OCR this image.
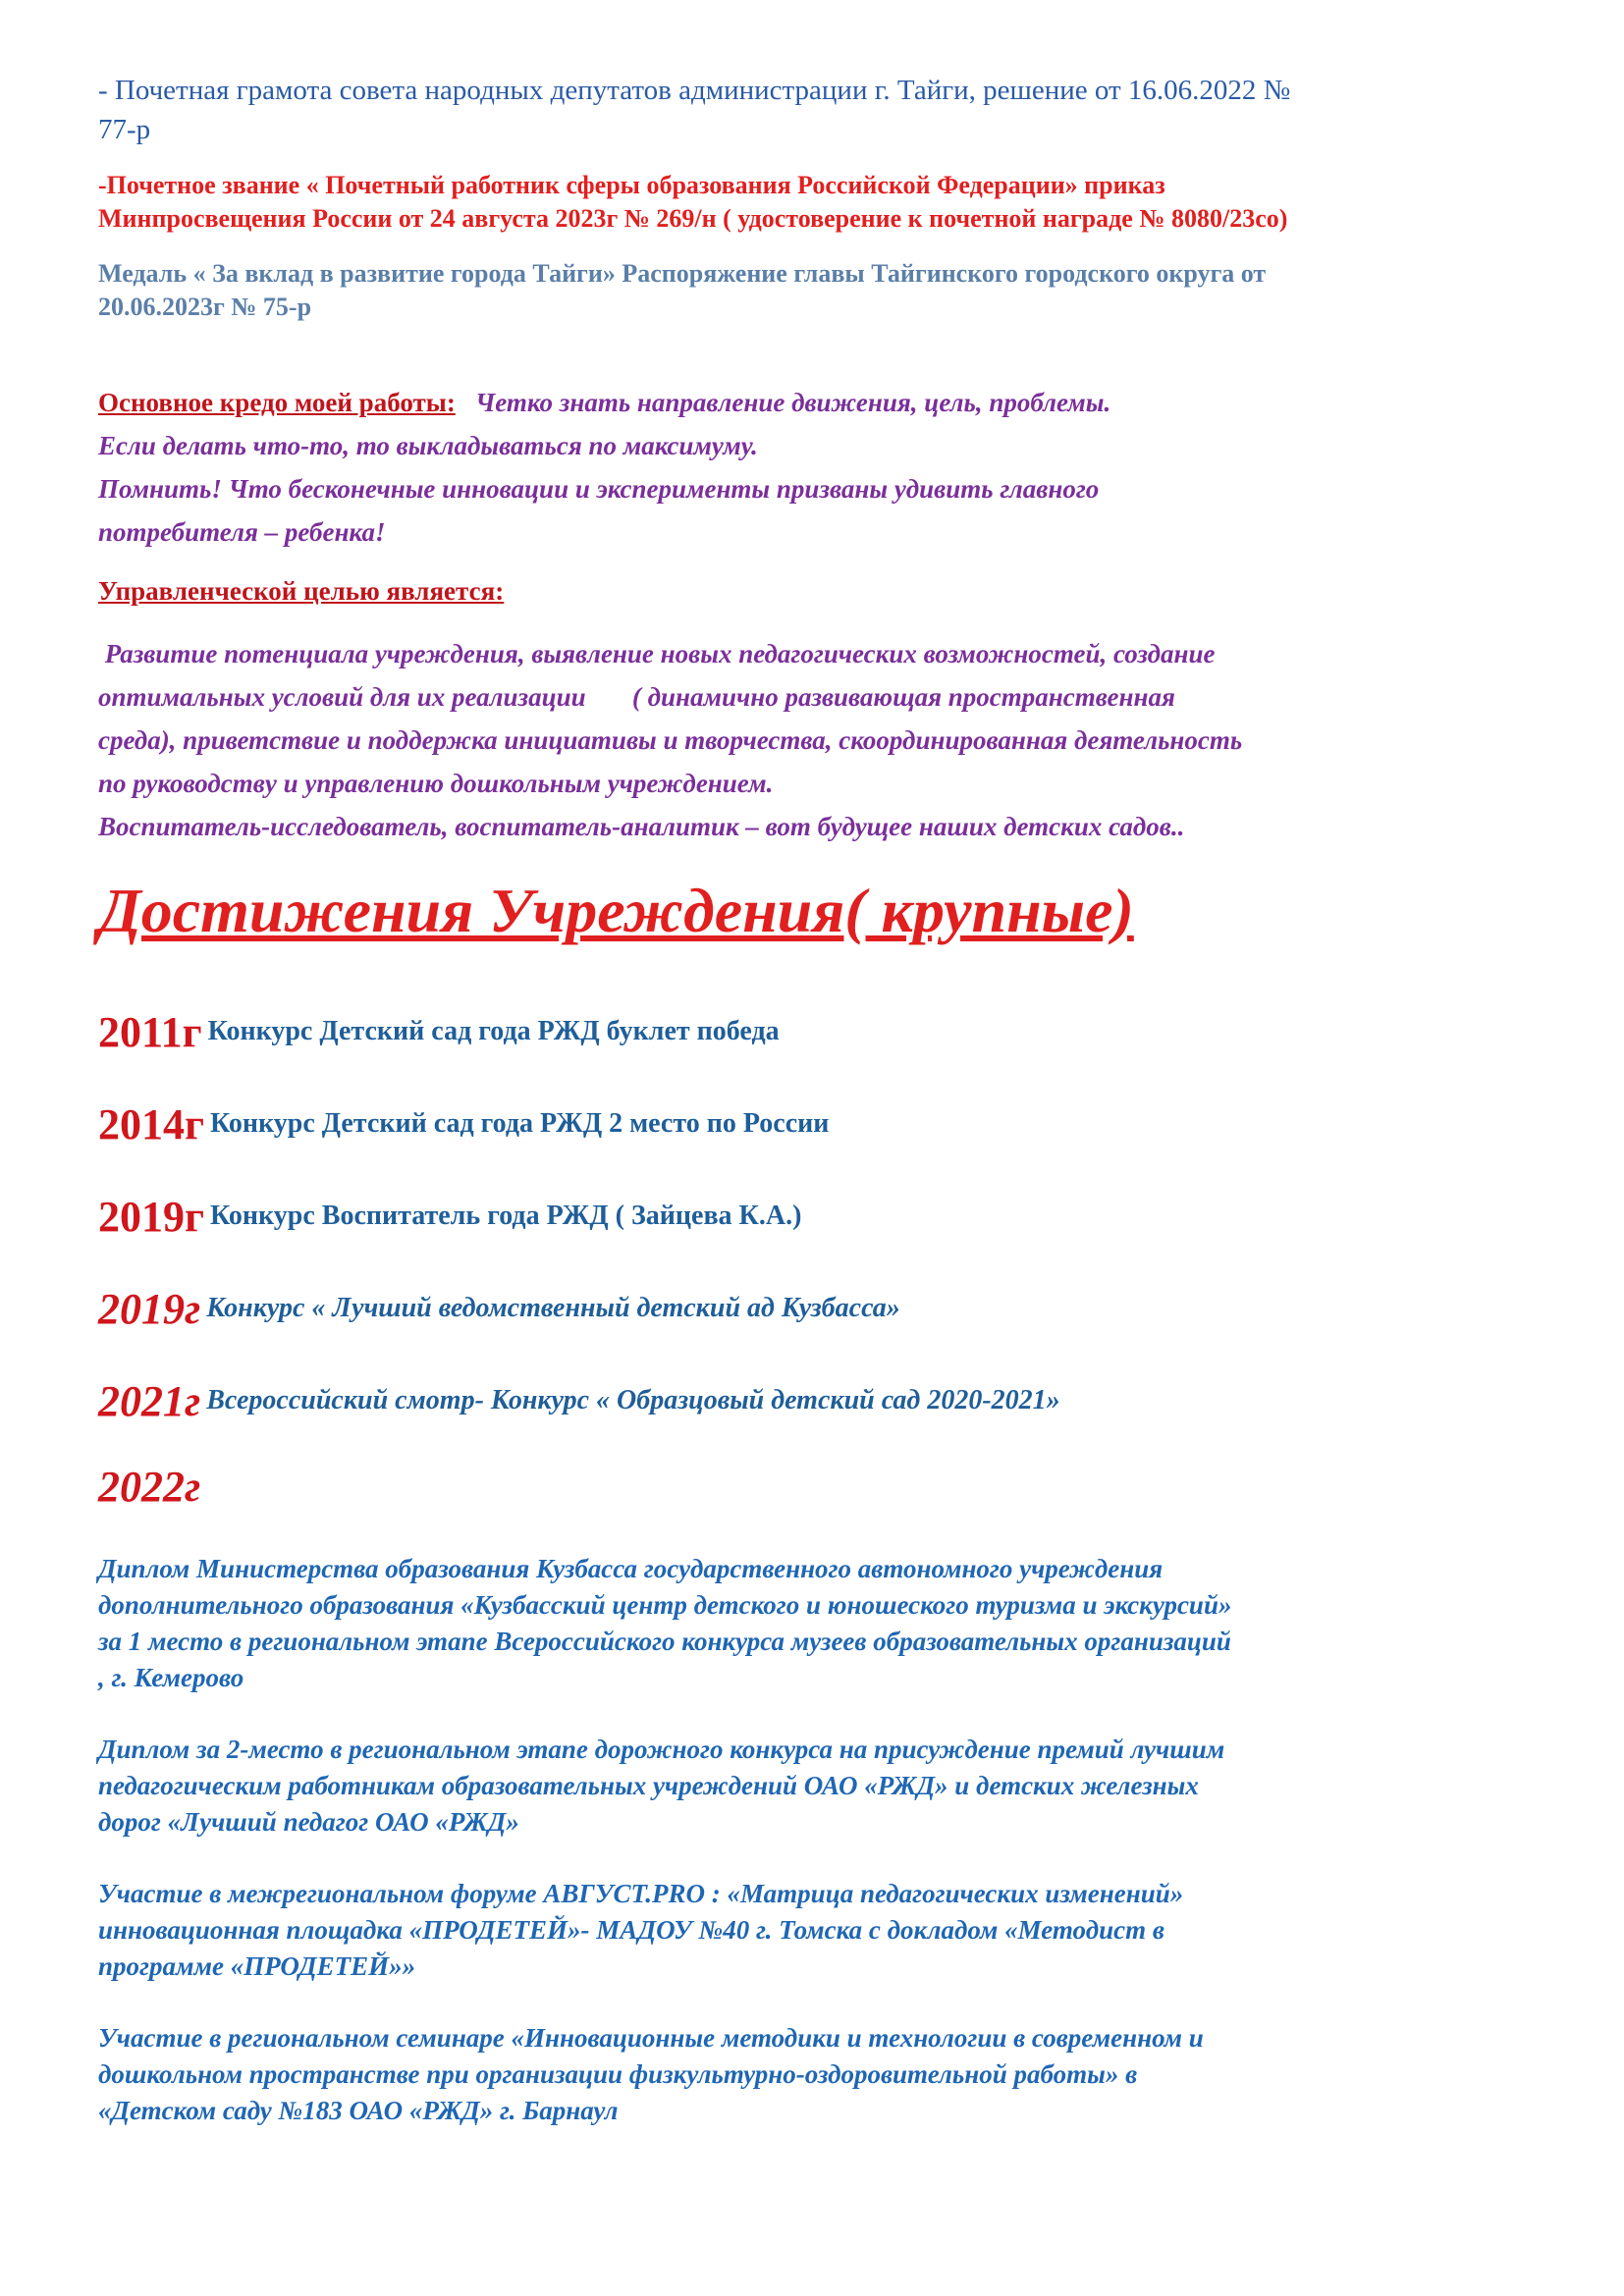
- Почетная грамота совета народных депутатов администрации г. Тайги, решение от 16.06.2022 №
77-р

-Почетное звание « Почетный работник сферы образования Российской Федерации» приказ
Минпросвещения России от 24 августа 2023г № 269/н ( удостоверение к почетной награде № 8080/23со)

Медаль « За вклад в развитие города Тайги» Распоряжение главы Тайгинского городского округа от
20.06.2023г № 75-р

Основное кредо моей работы: Четко знать направление движения, цель, проблемы.
Если делать что-то, то выкладываться по максимуму.
Помнить! Что бесконечные инновации и эксперименты призваны удивить главного
потребителя – ребенка!
Управленческой целью является:
Развитие потенциала учреждения, выявление новых педагогических возможностей, создание
оптимальных условий для их реализации       ( динамично развивающая пространственная
среда), приветствие и поддержка инициативы и творчества, скоординированная деятельность
по руководству и управлению дошкольным учреждением.
Воспитатель-исследователь, воспитатель-аналитик – вот будущее наших детских садов..
Достижения Учреждения( крупные)
2011г Конкурс Детский сад года РЖД буклет победа
2014г Конкурс Детский сад года РЖД 2 место по России
2019г Конкурс Воспитатель года РЖД ( Зайцева К.А.)
2019г Конкурс « Лучший ведомственный детский ад Кузбасса»
2021г Всероссийский смотр- Конкурс « Образцовый детский сад 2020-2021»
2022г
Диплом Министерства образования Кузбасса государственного автономного учреждения
дополнительного образования «Кузбасский центр детского и юношеского туризма и экскурсий»
за 1 место в региональном этапе Всероссийского конкурса музеев образовательных организаций
, г. Кемерово
Диплом за 2-место в региональном этапе дорожного конкурса на присуждение премий лучшим
педагогическим работникам образовательных учреждений ОАО «РЖД» и детских железных
дорог «Лучший педагог ОАО «РЖД»
Участие в межрегиональном форуме АВГУСТ.PRO : «Матрица педагогических изменений»
инновационная площадка «ПРОДЕТЕЙ»- МАДОУ №40 г. Томска с докладом «Методист в
программе «ПРОДЕТЕЙ»»
Участие в региональном семинаре «Инновационные методики и технологии в современном и
дошкольном пространстве при организации физкультурно-оздоровительной работы» в
«Детском саду №183 ОАО «РЖД» г. Барнаул
